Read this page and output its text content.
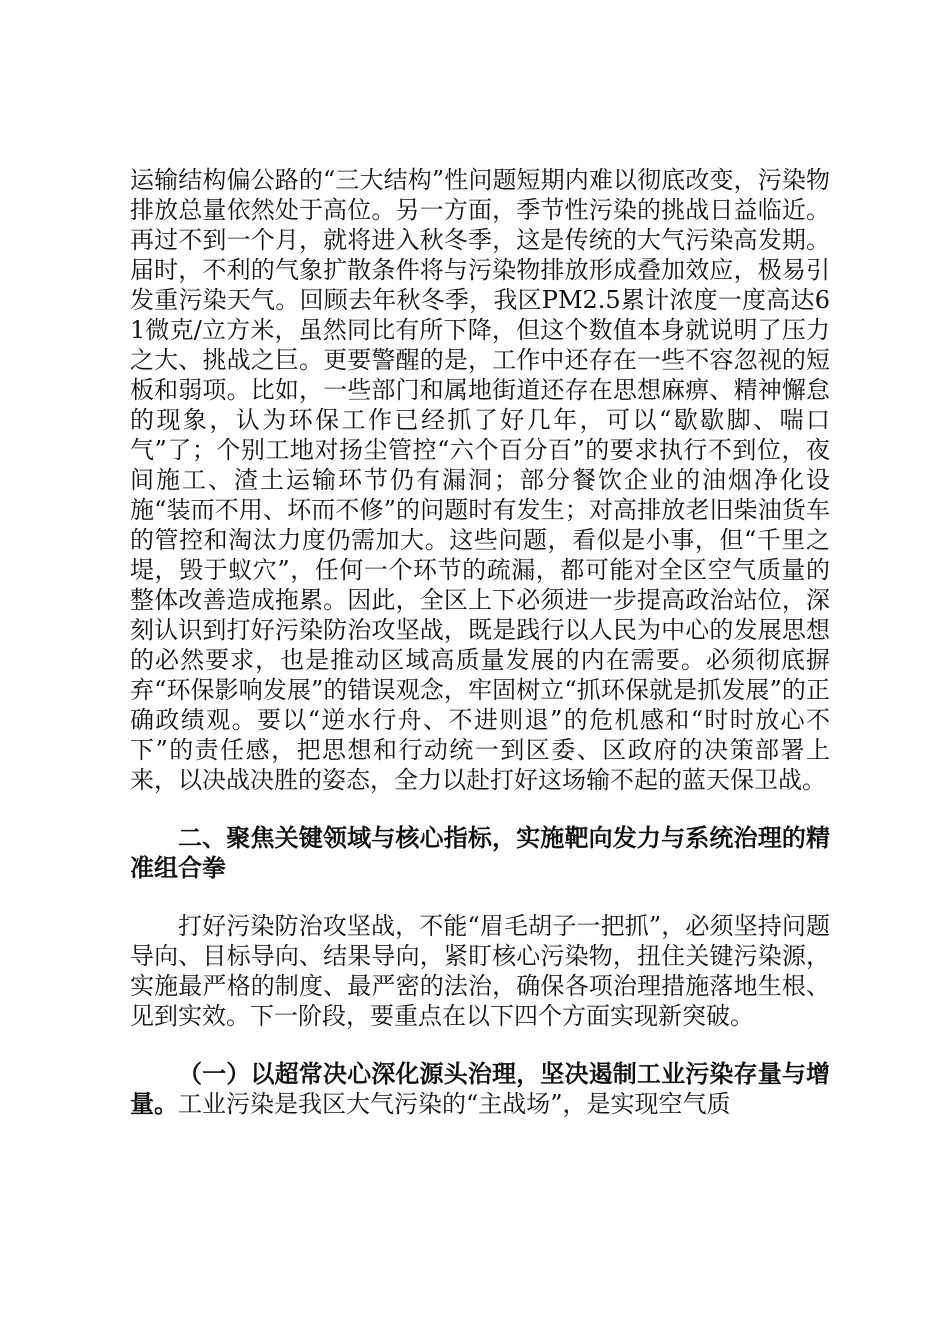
运输结构偏公路的“三大结构”性问题短期内难以彻底改变，污染物排放总量依然处于高位。另一方面，季节性污染的挑战日益临近。再过不到一个月，就将进入秋冬季，这是传统的大气污染高发期。届时，不利的气象扩散条件将与污染物排放形成叠加效应，极易引发重污染天气。回顾去年秋冬季，我区PM2.5累计浓度一度高达61微克/立方米，虽然同比有所下降，但这个数值本身就说明了压力之大、挑战之巨。更要警醒的是，工作中还存在一些不容忽视的短板和弱项。比如，一些部门和属地街道还存在思想麻痹、精神懈怠的现象，认为环保工作已经抓了好几年，可以“歇歇脚、喘口气”了；个别工地对扬尘管控“六个百分百”的要求执行不到位，夜间施工、渣土运输环节仍有漏洞；部分餐饮企业的油烟净化设施“装而不用、坏而不修”的问题时有发生；对高排放老旧柴油货车的管控和淘汰力度仍需加大。这些问题，看似是小事，但“千里之堤，毁于蚁穴”，任何一个环节的疏漏，都可能对全区空气质量的整体改善造成拖累。因此，全区上下必须进一步提高政治站位，深刻认识到打好污染防治攻坚战，既是践行以人民为中心的发展思想的必然要求，也是推动区域高质量发展的内在需要。必须彻底摒弃“环保影响发展”的错误观念，牢固树立“抓环保就是抓发展”的正确政绩观。要以“逆水行舟、不进则退”的危机感和“时时放心不下”的责任感，把思想和行动统一到区委、区政府的决策部署上来，以决战决胜的姿态，全力以赴打好这场输不起的蓝天保卫战。

二、聚焦关键领域与核心指标，实施靶向发力与系统治理的精准组合拳

打好污染防治攻坚战，不能“眉毛胡子一把抓”，必须坚持问题导向、目标导向、结果导向，紧盯核心污染物，扭住关键污染源，实施最严格的制度、最严密的法治，确保各项治理措施落地生根、见到实效。下一阶段，要重点在以下四个方面实现新突破。

（一）以超常决心深化源头治理，坚决遏制工业污染存量与增量。工业污染是我区大气污染的“主战场”，是实现空气质
